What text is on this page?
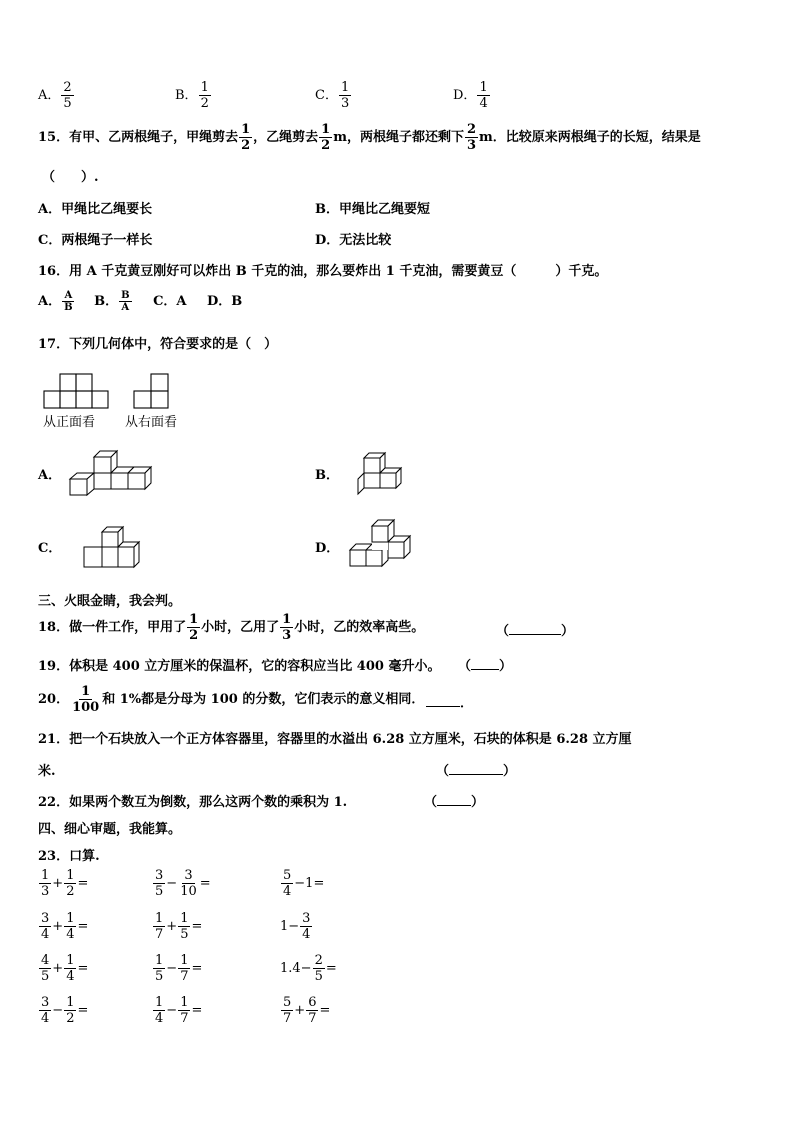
A． $\frac{2}{5}$	B． $\frac{1}{2}$	C． $\frac{1}{3}$	D． $\frac{1}{4}$
15．有甲、乙两根绳子，甲绳剪去 $\frac{1}{2}$ ，乙绳剪去 $\frac{1}{2}$ m，两根绳子都还剩下 $\frac{2}{3}$ m．比较原来两根绳子的长短，结果是
（　　）.
A．甲绳比乙绳要长	B．甲绳比乙绳要短
C．两根绳子一样长	D．无法比较
16．用 A 千克黄豆刚好可以炸出 B 千克的油，那么要炸出 1 千克油，需要黄豆（　　　）千克。
A． $\frac{A}{B}$ B． $\frac{B}{A}$ C．A D．B
17．下列几何体中，符合要求的是（　）
从正面看 从右面看
A．	B．
C．	D．
三、火眼金睛，我会判。
18．做一件工作，甲用了 $\frac{1}{2}$ 小时，乙用了 $\frac{1}{3}$ 小时，乙的效率高些。	（	）
19．体积是 400 立方厘米的保温杯，它的容积应当比 400 毫升小。 （ ）
20． $\frac{1}{100}$ 和 1%都是分母为 100 的分数，它们表示的意义相同．	．
21．把一个石块放入一个正方体容器里，容器里的水溢出 6.28 立方厘米，石块的体积是 6.28 立方厘
米.	（	）
22．如果两个数互为倒数，那么这两个数的乘积为 1.	（	）
四、细心审题，我能算。
23．口算.
$\frac{1}{3} + \frac{1}{2}$ =	$\frac{3}{5} - \frac{3}{10}$ =	$\frac{5}{4} -1=$
$\frac{3}{4} + \frac{1}{4}$ =	$\frac{1}{7} + \frac{1}{5}$ =	$1- \frac{3}{4}$
$\frac{4}{5} + \frac{1}{4}$ =	$\frac{1}{5} - \frac{1}{7}$ =	$1.4- \frac{2}{5}$ =
$\frac{3}{4} - \frac{1}{2}$ =	$\frac{1}{4} - \frac{1}{7}$ =	$\frac{5}{7} + \frac{6}{7}$ =
